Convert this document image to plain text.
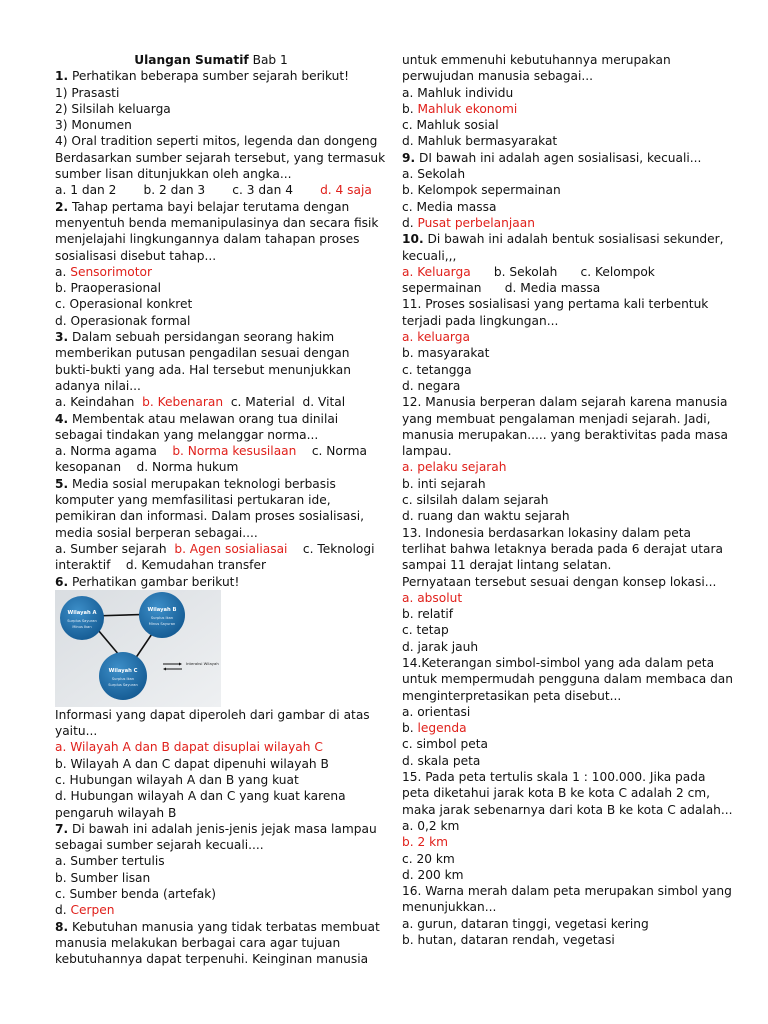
Ulangan Sumatif Bab 1
1. Perhatikan beberapa sumber sejarah berikut!
1) Prasasti
2) Silsilah keluarga
3) Monumen
4) Oral tradition seperti mitos, legenda dan dongeng
Berdasarkan sumber sejarah tersebut, yang termasuk
sumber lisan ditunjukkan oleh angka...
a. 1 dan 2       b. 2 dan 3       c. 3 dan 4       d. 4 saja
2. Tahap pertama bayi belajar terutama dengan
menyentuh benda memanipulasinya dan secara fisik
menjelajahi lingkungannya dalam tahapan proses
sosialisasi disebut tahap...
a. Sensorimotor
b. Praoperasional
c. Operasional konkret
d. Operasionak formal
3. Dalam sebuah persidangan seorang hakim
memberikan putusan pengadilan sesuai dengan
bukti-bukti yang ada. Hal tersebut menunjukkan
adanya nilai...
a. Keindahan  b. Kebenaran  c. Material  d. Vital
4. Membentak atau melawan orang tua dinilai
sebagai tindakan yang melanggar norma...
a. Norma agama    b. Norma kesusilaan    c. Norma
kesopanan    d. Norma hukum
5. Media sosial merupakan teknologi berbasis
komputer yang memfasilitasi pertukaran ide,
pemikiran dan informasi. Dalam proses sosialisasi,
media sosial berperan sebagai....
a. Sumber sejarah  b. Agen sosialiasai    c. Teknologi
interaktif    d. Kemudahan transfer
6. Perhatikan gambar berikut!
Wilayah A
Surplus Sayuran
Minus Ikan
Wilayah B
Surplus Ikan
Minus Sayuran
Wilayah C
Surplus Ikan
Surplus Sayuran
Interaksi Wilayah
Informasi yang dapat diperoleh dari gambar di atas
yaitu...
a. Wilayah A dan B dapat disuplai wilayah C
b. Wilayah A dan C dapat dipenuhi wilayah B
c. Hubungan wilayah A dan B yang kuat
d. Hubungan wilayah A dan C yang kuat karena
pengaruh wilayah B
7. Di bawah ini adalah jenis-jenis jejak masa lampau
sebagai sumber sejarah kecuali....
a. Sumber tertulis
b. Sumber lisan
c. Sumber benda (artefak)
d. Cerpen
8. Kebutuhan manusia yang tidak terbatas membuat
manusia melakukan berbagai cara agar tujuan
kebutuhannya dapat terpenuhi. Keinginan manusia
untuk emmenuhi kebutuhannya merupakan
perwujudan manusia sebagai...
a. Mahluk individu
b. Mahluk ekonomi
c. Mahluk sosial
d. Mahluk bermasyarakat
9. DI bawah ini adalah agen sosialisasi, kecuali...
a. Sekolah
b. Kelompok sepermainan
c. Media massa
d. Pusat perbelanjaan
10. Di bawah ini adalah bentuk sosialisasi sekunder,
kecuali,,,
a. Keluarga      b. Sekolah      c. Kelompok
sepermainan      d. Media massa
11. Proses sosialisasi yang pertama kali terbentuk
terjadi pada lingkungan...
a. keluarga
b. masyarakat
c. tetangga
d. negara
12. Manusia berperan dalam sejarah karena manusia
yang membuat pengalaman menjadi sejarah. Jadi,
manusia merupakan..... yang beraktivitas pada masa
lampau.
a. pelaku sejarah
b. inti sejarah
c. silsilah dalam sejarah
d. ruang dan waktu sejarah
13. Indonesia berdasarkan lokasiny dalam peta
terlihat bahwa letaknya berada pada 6 derajat utara
sampai 11 derajat lintang selatan.
Pernyataan tersebut sesuai dengan konsep lokasi...
a. absolut
b. relatif
c. tetap
d. jarak jauh
14.Keterangan simbol-simbol yang ada dalam peta
untuk mempermudah pengguna dalam membaca dan
menginterpretasikan peta disebut...
a. orientasi
b. legenda
c. simbol peta
d. skala peta
15. Pada peta tertulis skala 1 : 100.000. Jika pada
peta diketahui jarak kota B ke kota C adalah 2 cm,
maka jarak sebenarnya dari kota B ke kota C adalah...
a. 0,2 km
b. 2 km
c. 20 km
d. 200 km
16. Warna merah dalam peta merupakan simbol yang
menunjukkan...
a. gurun, dataran tinggi, vegetasi kering
b. hutan, dataran rendah, vegetasi
